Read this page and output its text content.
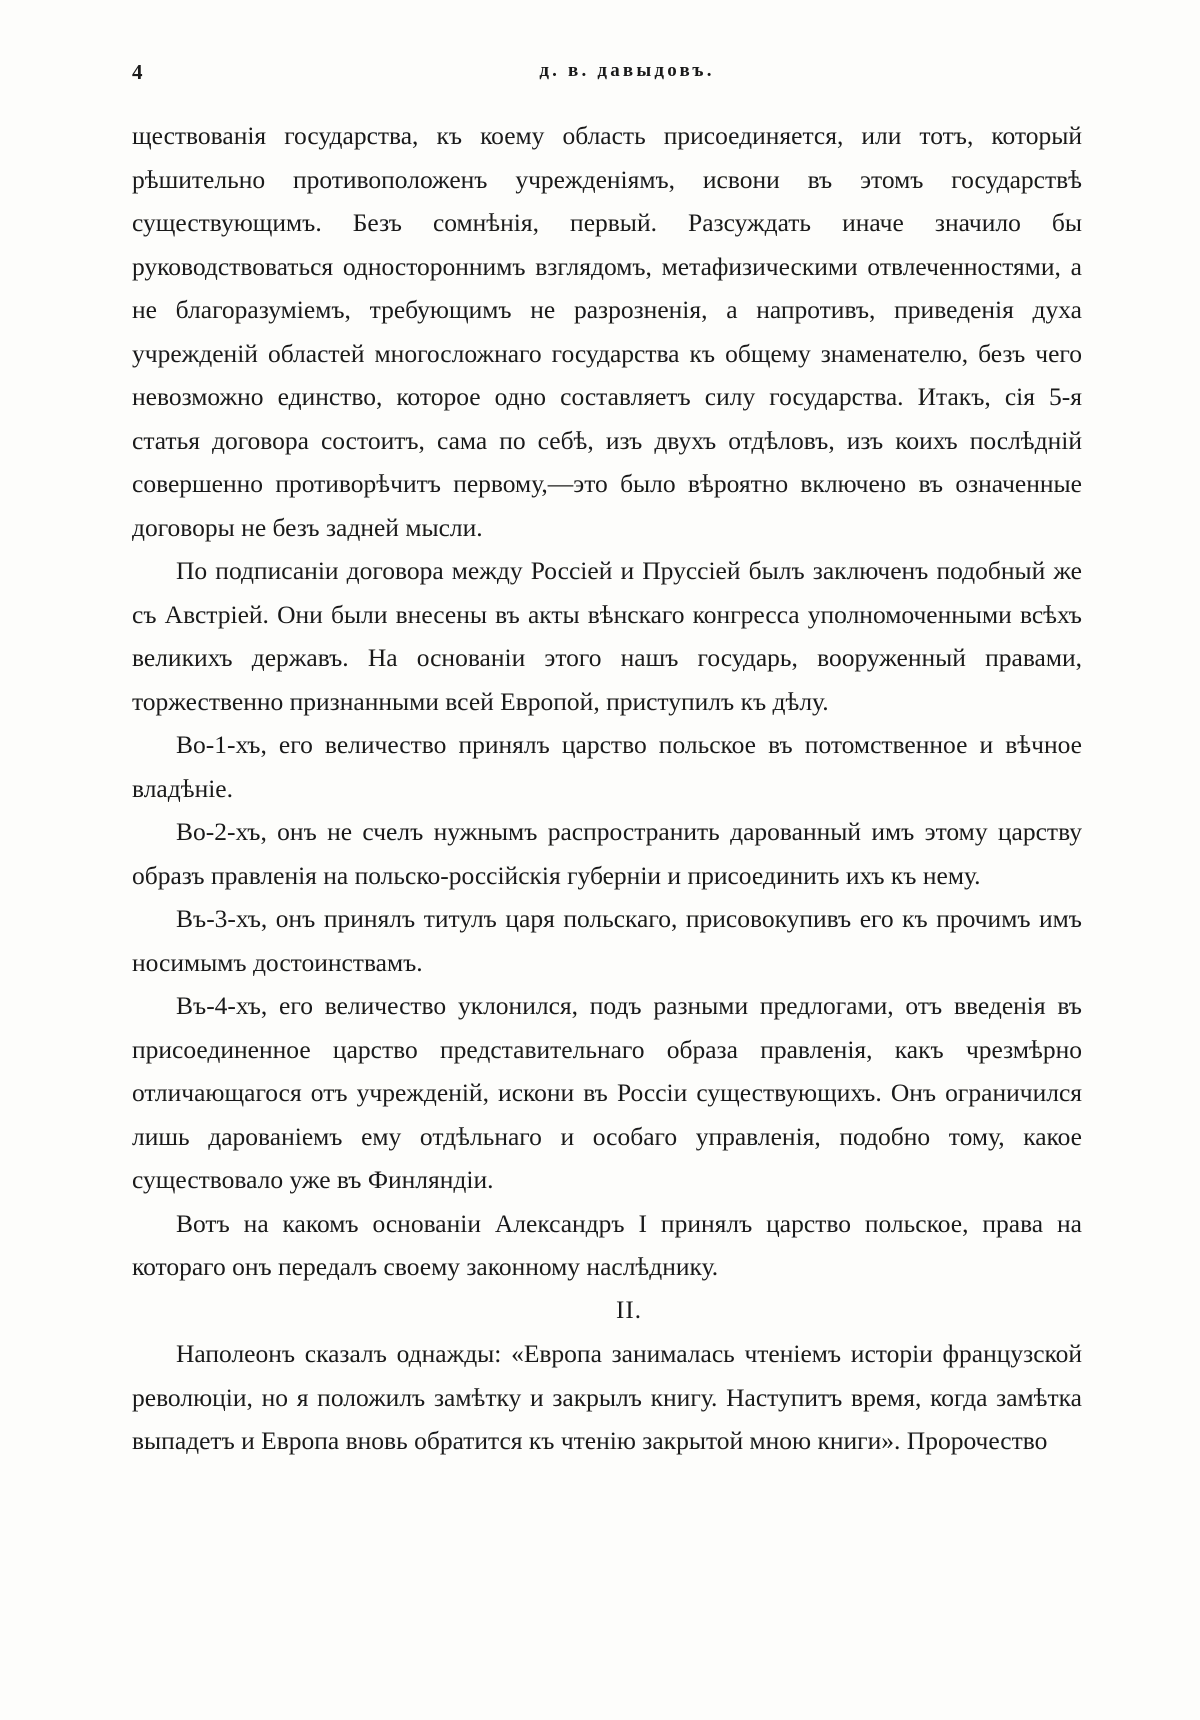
4	д. в. давыдовъ.

ществованія государства, къ коему область присоединяется, или тотъ, который рѣшительно противоположенъ учрежденіямъ, исвони въ этомъ государствѣ существующимъ. Безъ сомнѣнія, первый. Разсуждать иначе значило бы руководствоваться одностороннимъ взглядомъ, метафизическими отвлеченностями, а не благоразуміемъ, требующимъ не разрозненія, а напротивъ, приведенія духа учрежденій областей многосложнаго государства къ общему знаменателю, безъ чего невозможно единство, которое одно составляетъ силу государства. Итакъ, сія 5-я статья договора состоитъ, сама по себѣ, изъ двухъ отдѣловъ, изъ коихъ послѣдній совершенно противорѣчитъ первому,—это было вѣроятно включено въ означенные договоры не безъ задней мысли.

По подписаніи договора между Россіей и Пруссіей былъ заключенъ подобный же съ Австріей. Они были внесены въ акты вѣнскаго конгресса уполномоченными всѣхъ великихъ державъ. На основаніи этого нашъ государь, вооруженный правами, торжественно признанными всей Европой, приступилъ къ дѣлу.

Во-1-хъ, его величество принялъ царство польское въ потомственное и вѣчное владѣніе.

Во-2-хъ, онъ не счелъ нужнымъ распространить дарованный имъ этому царству образъ правленія на польско-россійскія губерніи и присоединить ихъ къ нему.

Въ-3-хъ, онъ принялъ титулъ царя польскаго, присовокупивъ его къ прочимъ имъ носимымъ достоинствамъ.

Въ-4-хъ, его величество уклонился, подъ разными предлогами, отъ введенія въ присоединенное царство представительнаго образа правленія, какъ чрезмѣрно отличающагося отъ учрежденій, искони въ Россіи существующихъ. Онъ ограничился лишь дарованіемъ ему отдѣльнаго и особаго управленія, подобно тому, какое существовало уже въ Финляндіи.

Вотъ на какомъ основаніи Александръ I принялъ царство польское, права на котораго онъ передалъ своему законному наслѣднику.

II.

Наполеонъ сказалъ однажды: «Европа занималась чтеніемъ исторіи французской революціи, но я положилъ замѣтку и закрылъ книгу. Наступитъ время, когда замѣтка выпадетъ и Европа вновь обратится къ чтенію закрытой мною книги». Пророчество
